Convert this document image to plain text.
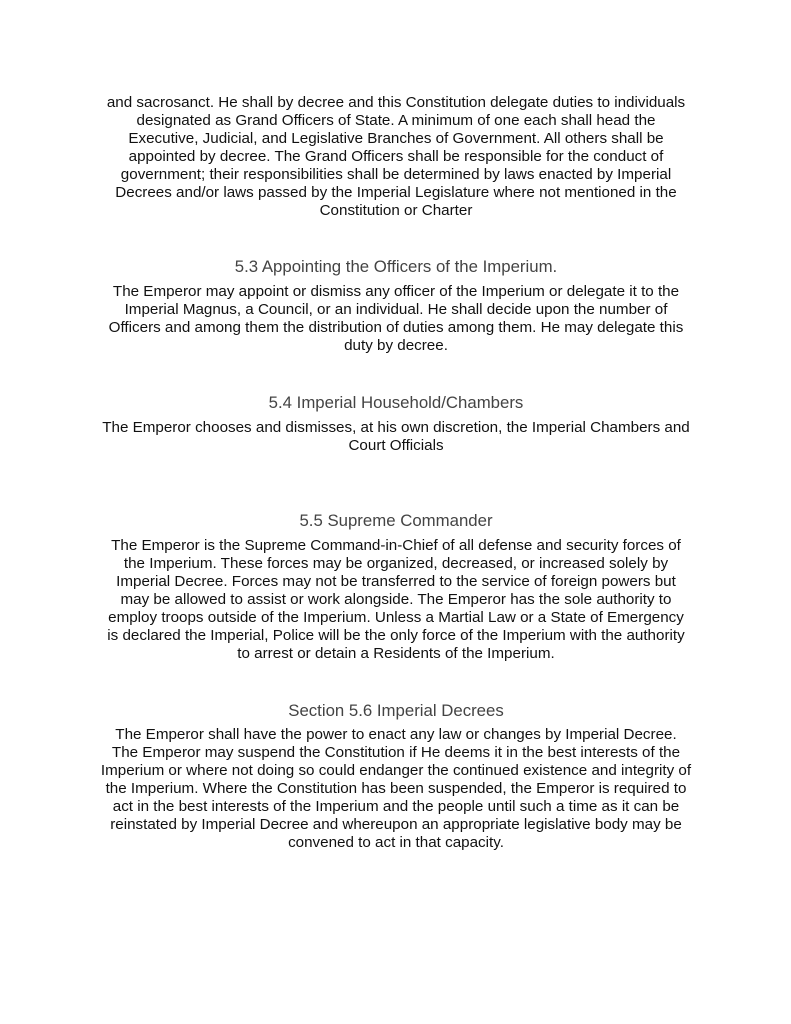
and sacrosanct. He shall by decree and this Constitution delegate duties to individuals
designated as Grand Officers of State. A minimum of one each shall head the
Executive, Judicial, and Legislative Branches of Government. All others shall be
appointed by decree. The Grand Officers shall be responsible for the conduct of
government; their responsibilities shall be determined by laws enacted by Imperial
Decrees and/or laws passed by the Imperial Legislature where not mentioned in the
Constitution or Charter
5.3 Appointing the Officers of the Imperium.
The Emperor may appoint or dismiss any officer of the Imperium or delegate it to the
Imperial Magnus, a Council, or an individual. He shall decide upon the number of
Officers and among them the distribution of duties among them. He may delegate this
duty by decree.
5.4 Imperial Household/Chambers
The Emperor chooses and dismisses, at his own discretion, the Imperial Chambers and
Court Officials
5.5 Supreme Commander
The Emperor is the Supreme Command-in-Chief of all defense and security forces of
the Imperium. These forces may be organized, decreased, or increased solely by
Imperial Decree. Forces may not be transferred to the service of foreign powers but
may be allowed to assist or work alongside. The Emperor has the sole authority to
employ troops outside of the Imperium. Unless a Martial Law or a State of Emergency
is declared the Imperial, Police will be the only force of the Imperium with the authority
to arrest or detain a Residents of the Imperium.
Section 5.6 Imperial Decrees
The Emperor shall have the power to enact any law or changes by Imperial Decree.
The Emperor may suspend the Constitution if He deems it in the best interests of the
Imperium or where not doing so could endanger the continued existence and integrity of
the Imperium. Where the Constitution has been suspended, the Emperor is required to
act in the best interests of the Imperium and the people until such a time as it can be
reinstated by Imperial Decree and whereupon an appropriate legislative body may be
convened to act in that capacity.
